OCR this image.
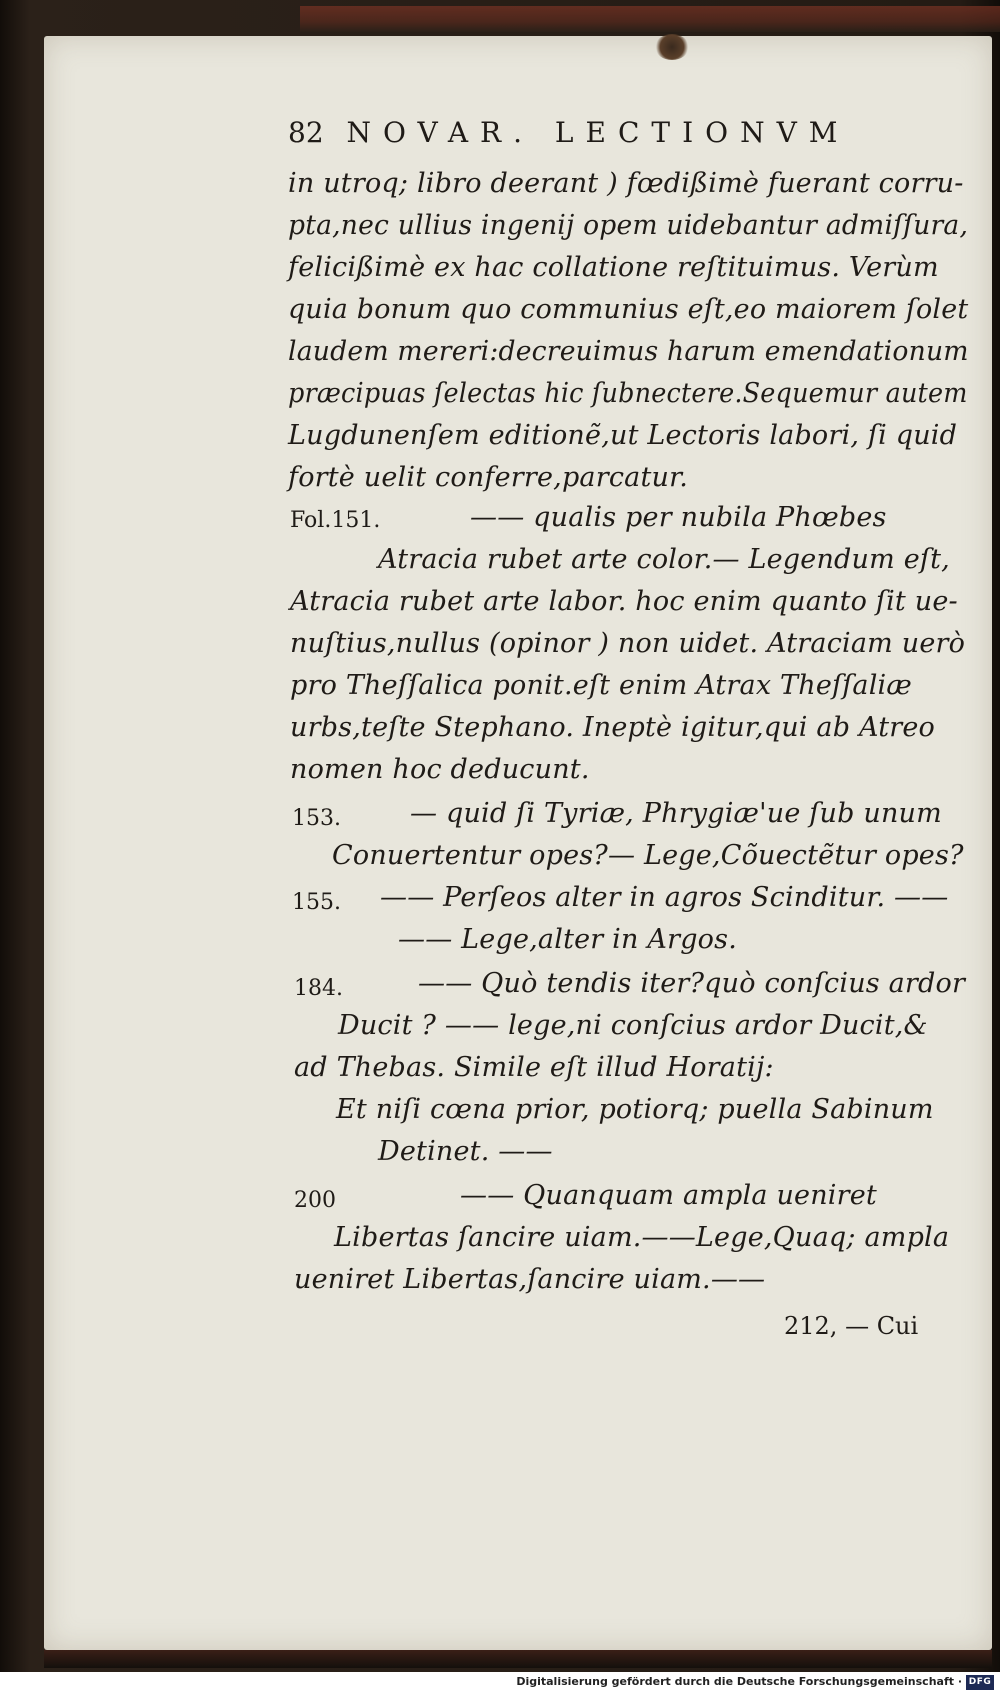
82 NOVAR. LECTIONVM
in utroq; libro deerant ) fœdißimè fuerant corru-
pta,nec ullius ingenij opem uidebantur admiſſura,
felicißimè ex hac collatione reſtituimus. Verùm
quia bonum quo communius eſt,eo maiorem ſolet
laudem mereri:decreuimus harum emendationum
præcipuas ſelectas hic ſubnectere.Sequemur autem
Lugdunenſem editionẽ,ut Lectoris labori, ſi quid
fortè uelit conferre,parcatur.
Fol.151.	—— qualis per nubila Phœbes
Atracia rubet arte color.— Legendum eſt,
Atracia rubet arte labor. hoc enim quanto ſit ue-
nuſtius,nullus (opinor ) non uidet. Atraciam uerò
pro Theſſalica ponit.eſt enim Atrax Theſſaliæ
urbs,teſte Stephano. Ineptè igitur,qui ab Atreo
nomen hoc deducunt.
153.	— quid ſi Tyriæ, Phrygiæ'ue ſub unum
Conuertentur opes?— Lege,Cõuectẽtur opes?
155. —— Perſeos alter in agros Scinditur. ——
—— Lege,alter in Argos.
184.	—— Quò tendis iter?quò conſcius ardor
Ducit ? —— lege,ni conſcius ardor Ducit,&
ad Thebas. Simile eſt illud Horatij:
Et niſi cœna prior, potiorq; puella Sabinum
Detinet. ——
200	—— Quanquam ampla ueniret
Libertas ſancire uiam.——Lege,Quaq; ampla
ueniret Libertas,ſancire uiam.——
212, — Cui
Digitalisierung gefördert durch die Deutsche Forschungsgemeinschaft · DFG
